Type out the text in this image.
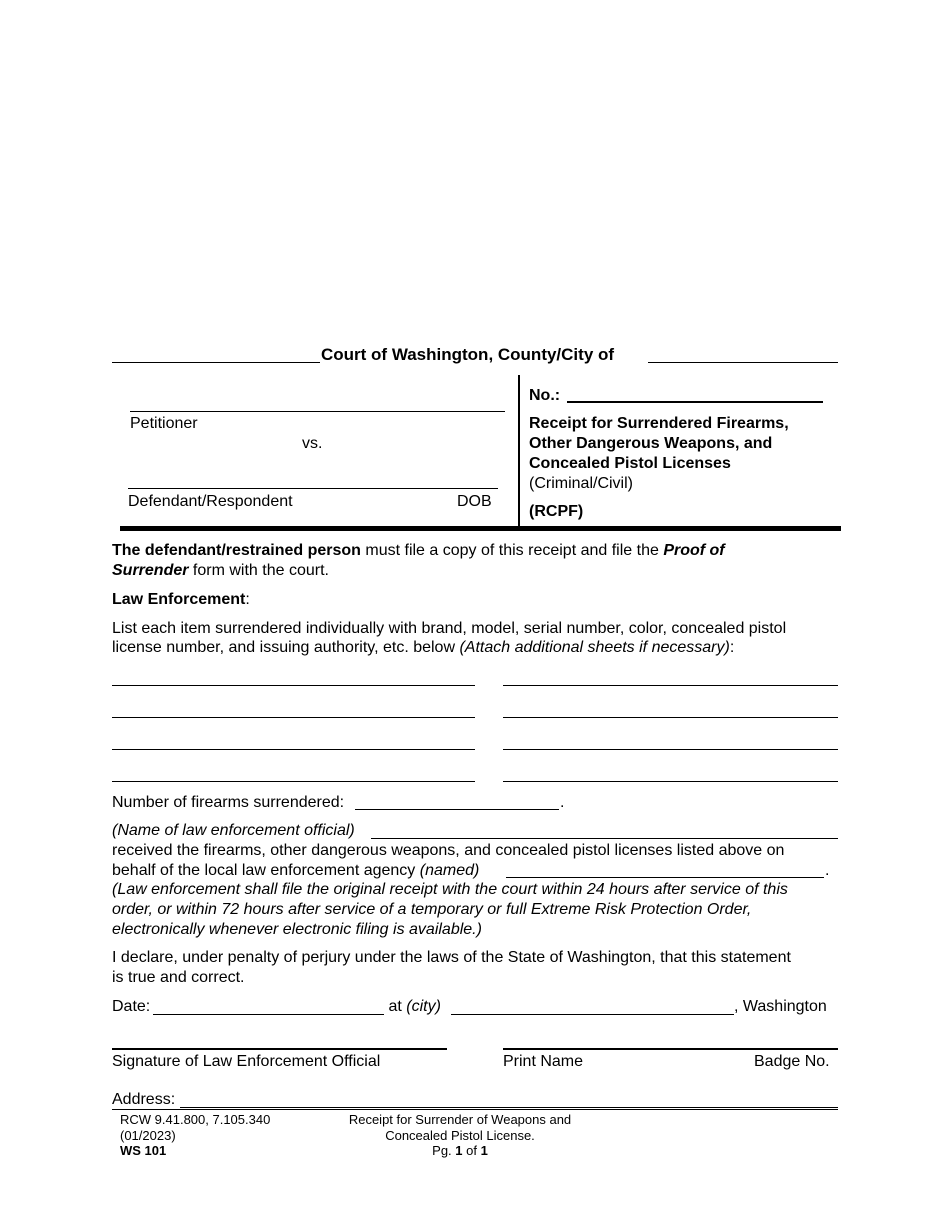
Court of Washington, County/City of
Petitioner
vs.
Defendant/Respondent	DOB
No.:
Receipt for Surrendered Firearms,
Other Dangerous Weapons, and
Concealed Pistol Licenses
(Criminal/Civil)
(RCPF)
The defendant/restrained person must file a copy of this receipt and file the Proof of
Surrender form with the court.
Law Enforcement:
List each item surrendered individually with brand, model, serial number, color, concealed pistol
license number, and issuing authority, etc. below (Attach additional sheets if necessary):
Number of firearms surrendered:	.
(Name of law enforcement official)
received the firearms, other dangerous weapons, and concealed pistol licenses listed above on
behalf of the local law enforcement agency (named)	.
(Law enforcement shall file the original receipt with the court within 24 hours after service of this
order, or within 72 hours after service of a temporary or full Extreme Risk Protection Order,
electronically whenever electronic filing is available.)
I declare, under penalty of perjury under the laws of the State of Washington, that this statement
is true and correct.
Date:	at (city)	, Washington
Signature of Law Enforcement Official	Print Name	Badge No.
Address:
RCW 9.41.800, 7.105.340
(01/2023)
WS 101
Receipt for Surrender of Weapons and
Concealed Pistol License.
Pg. 1 of 1
